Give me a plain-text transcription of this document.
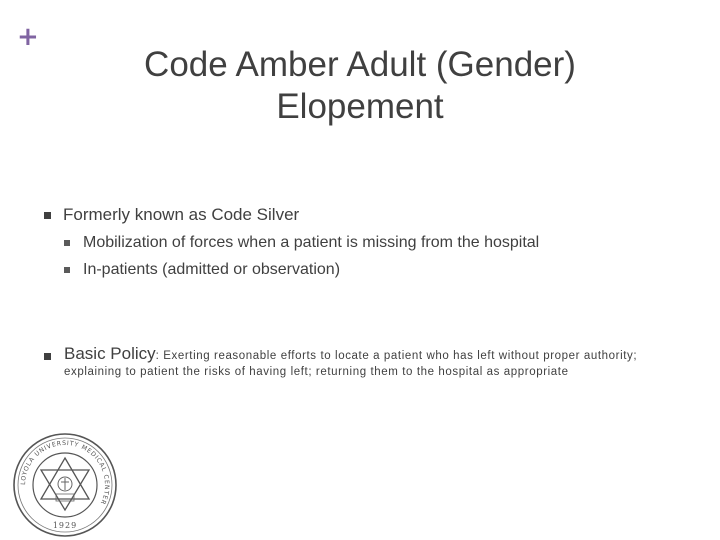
+
Code Amber Adult (Gender)
Elopement
Formerly known as Code Silver
Mobilization of forces when a patient is missing from the hospital
In-patients (admitted or observation)
Basic Policy: Exerting reasonable efforts to locate a patient who has left without proper authority;
explaining to patient the risks of having left; returning them to the hospital as appropriate
LOYOLA UNIVERSITY MEDICAL CENTER
1929
